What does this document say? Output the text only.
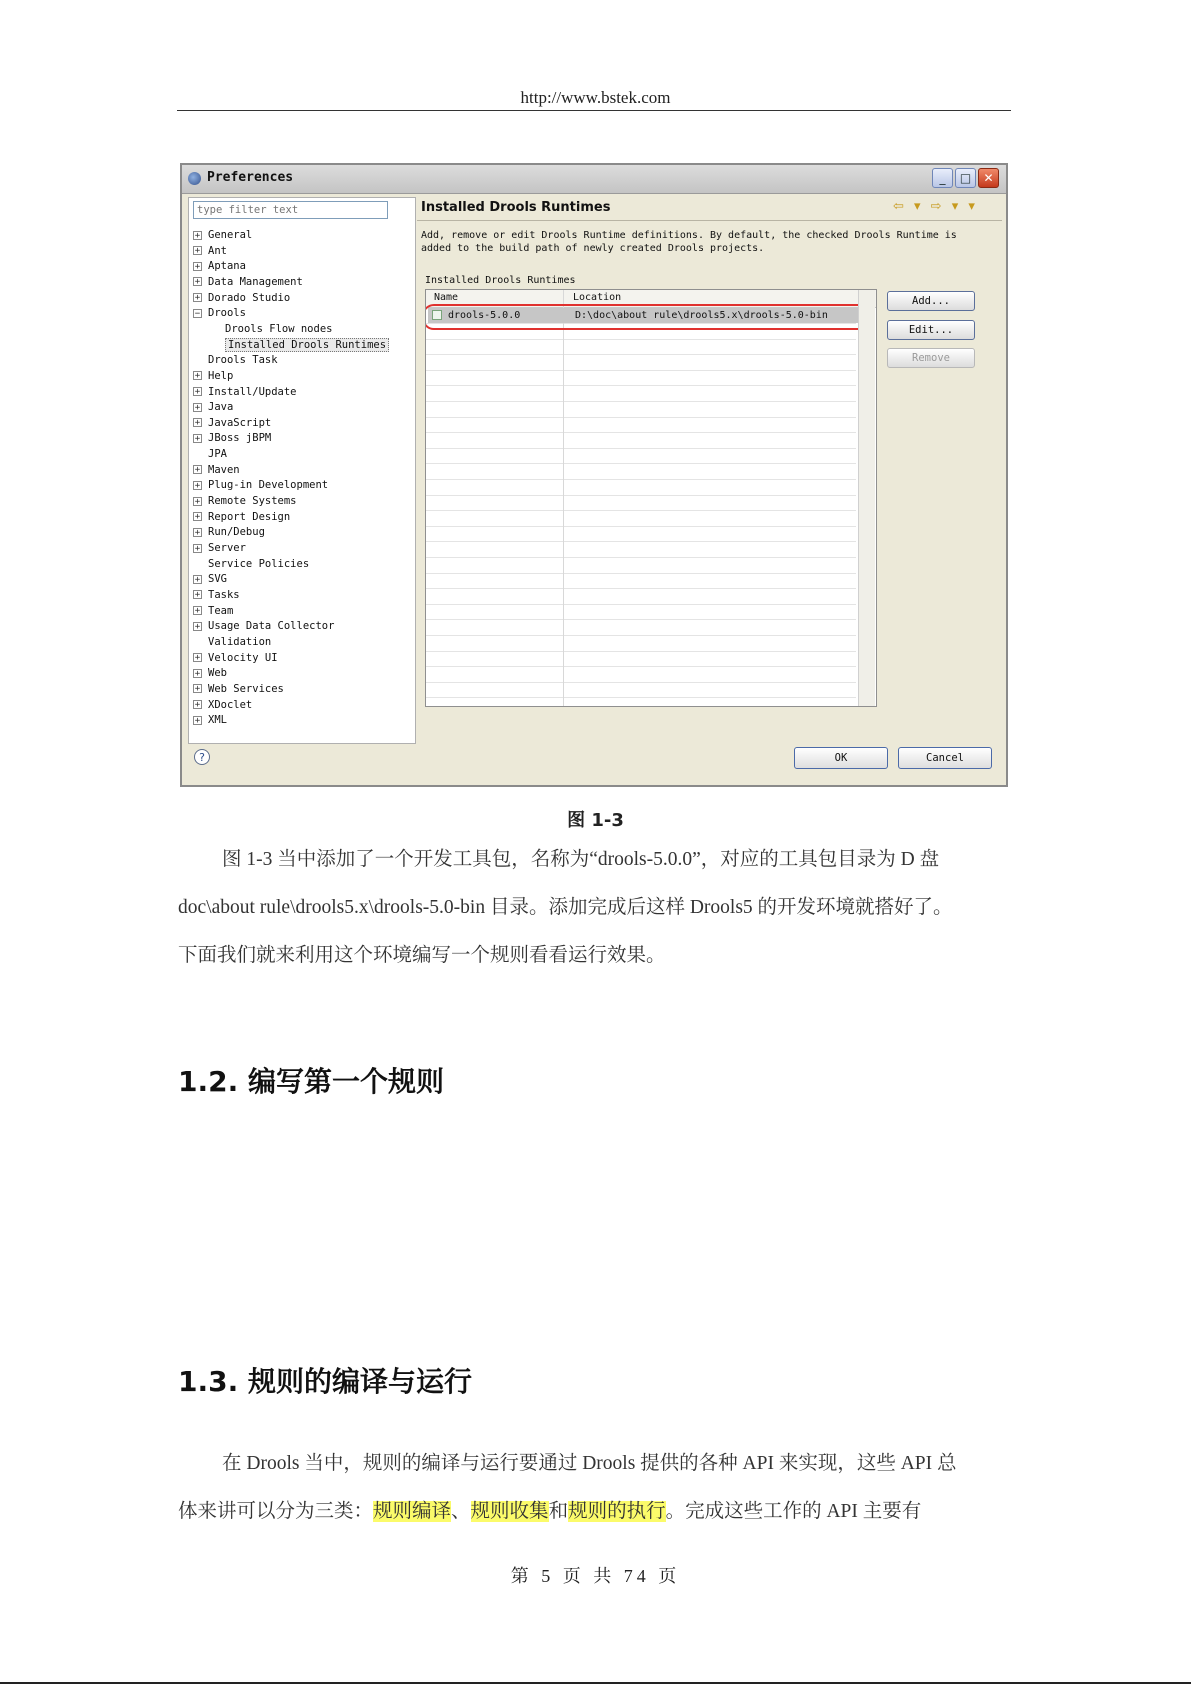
http://www.bstek.com
Preferences	_	□	✕
type filter text
+ General
+ Ant
+ Aptana
+ Data Management
+ Dorado Studio
− Drools
Drools Flow nodes
Installed Drools Runtimes
Drools Task
+ Help
+ Install/Update
+ Java
+ JavaScript
+ JBoss jBPM
JPA
+ Maven
+ Plug-in Development
+ Remote Systems
+ Report Design
+ Run/Debug
+ Server
Service Policies
+ SVG
+ Tasks
+ Team
+ Usage Data Collector
Validation
+ Velocity UI
+ Web
+ Web Services
+ XDoclet
+ XML
Installed Drools Runtimes	⇦ ▾ ⇨ ▾ ▾
Add, remove or edit Drools Runtime definitions. By default, the checked Drools Runtime is
added to the build path of newly created Drools projects.
Installed Drools Runtimes
Name	Location
drools-5.0.0	D:\doc\about rule\drools5.x\drools-5.0-bin
Add...
Edit...
Remove
?	OK	Cancel
图 1-3
图 1-3 当中添加了一个开发工具包，名称为“drools-5.0.0”，对应的工具包目录为 D 盘
doc\about rule\drools5.x\drools-5.0-bin 目录。添加完成后这样 Drools5 的开发环境就搭好了。
下面我们就来利用这个环境编写一个规则看看运行效果。
1.2. 编写第一个规则
1.3. 规则的编译与运行
在 Drools 当中，规则的编译与运行要通过 Drools 提供的各种 API 来实现，这些 API 总
体来讲可以分为三类：规则编译、规则收集和规则的执行。完成这些工作的 API 主要有
第 5 页 共 74 页
